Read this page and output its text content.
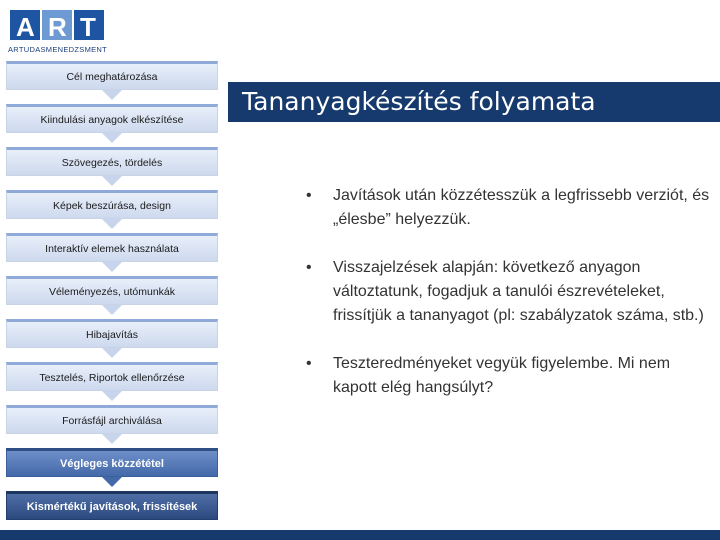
A R T
ARTUDASMENEDZSMENT
Cél meghatározása
Kiindulási anyagok elkészítése
Szövegezés, tördelés
Képek beszúrása, design
Interaktív elemek használata
Véleményezés, utómunkák
Hibajavítás
Tesztelés, Riportok ellenőrzése
Forrásfájl archiválása
Végleges közzététel
Kismértékű javítások, frissítések
Tananyagkészítés folyamata
• Javítások után közzétesszük a legfrissebb verziót, és „élesbe” helyezzük.
• Visszajelzések alapján: következő anyagon változtatunk, fogadjuk a tanulói észrevételeket, frissítjük a tananyagot (pl: szabályzatok száma, stb.)
• Teszteredményeket vegyük figyelembe. Mi nem kapott elég hangsúlyt?
